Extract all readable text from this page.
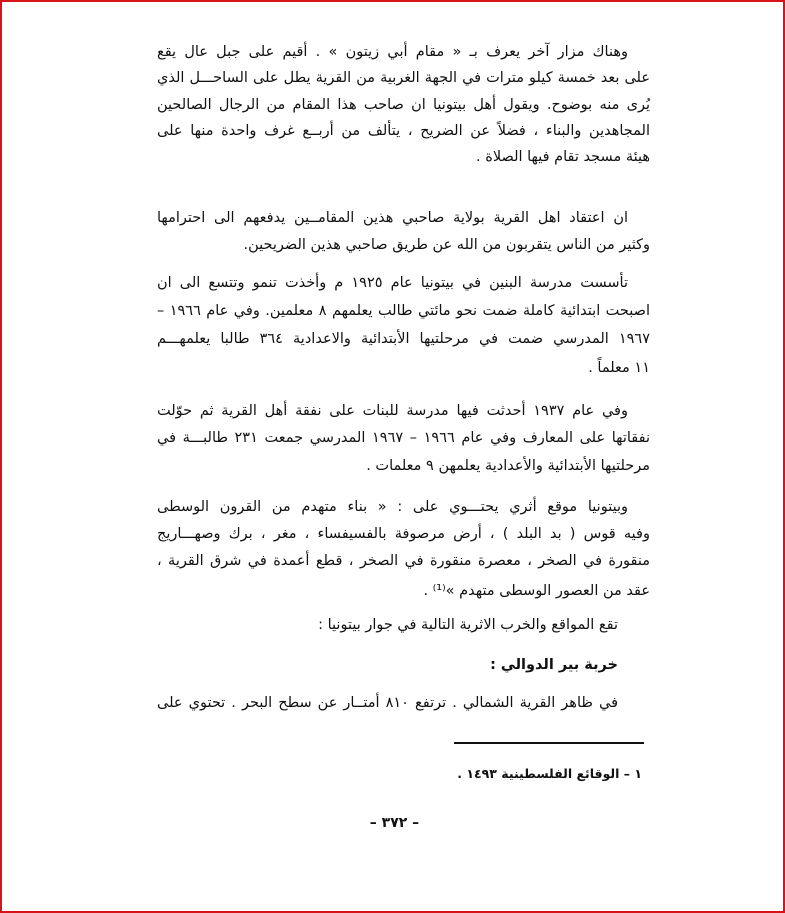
وهناك مزار آخر يعرف بـ « مقام أبي زيتون » . أقيم على جبل عال يقع
على بعد خمسة كيلو مترات في الجهة الغربية من القرية يطل على الساحـــل الذي
يُرى منه بوضوح. ويقول أهل بيتونيا ان صاحب هذا المقام من الرجال الصالحين
المجاهدين والبناء ، فضلاً عن الضريح ، يتألف من أربــع غرف واحدة منها على
هيئة مسجد تقام فيها الصلاة .
ان اعتقاد اهل القرية بولاية صاحبي هذين المقامــين يدفعهم الى احترامها
وكثير من الناس يتقربون من الله عن طريق صاحبي هذين الضريحين.
تأسست مدرسة البنين في بيتونيا عام ١٩٢٥ م وأخذت تنمو وتتسع الى ان
اصبحت ابتدائية كاملة ضمت نحو مائتي طالب يعلمهم ٨ معلمين. وفي عام ١٩٦٦ –
١٩٦٧ المدرسي ضمت في مرحلتيها الأبتدائية والاعدادية ٣٦٤ طالبا يعلمهـــم
١١ معلماً .
وفي عام ١٩٣٧ أحدثت فيها مدرسة للبنات على نفقة أهل القرية ثم حوّلت
نفقاتها على المعارف وفي عام ١٩٦٦ – ١٩٦٧ المدرسي جمعت ٢٣١ طالبـــة في
مرحلتيها الأبتدائية والأعدادية يعلمهن ٩ معلمات .
وبيتونيا موقع أثري يحتـــوي على : « بناء متهدم من القرون الوسطى
وفيه قوس ( بد البلد ) ، أرض مرصوفة بالفسيفساء ، مغر ، برك وصهـــاريج
منقورة في الصخر ، معصرة منقورة في الصخر ، قطع أعمدة في شرق القرية ،
عقد من العصور الوسطى متهدم »⁽¹⁾ .
تقع المواقع والخرب الاثرية التالية في جوار بيتونيا :
خربة بير الدوالي :
في ظاهر القرية الشمالي . ترتفع ٨١٠ أمتــار عن سطح البحر . تحتوي على
١ – الوقائع الفلسطينية ١٤٩٣ .
– ٣٧٢ –
